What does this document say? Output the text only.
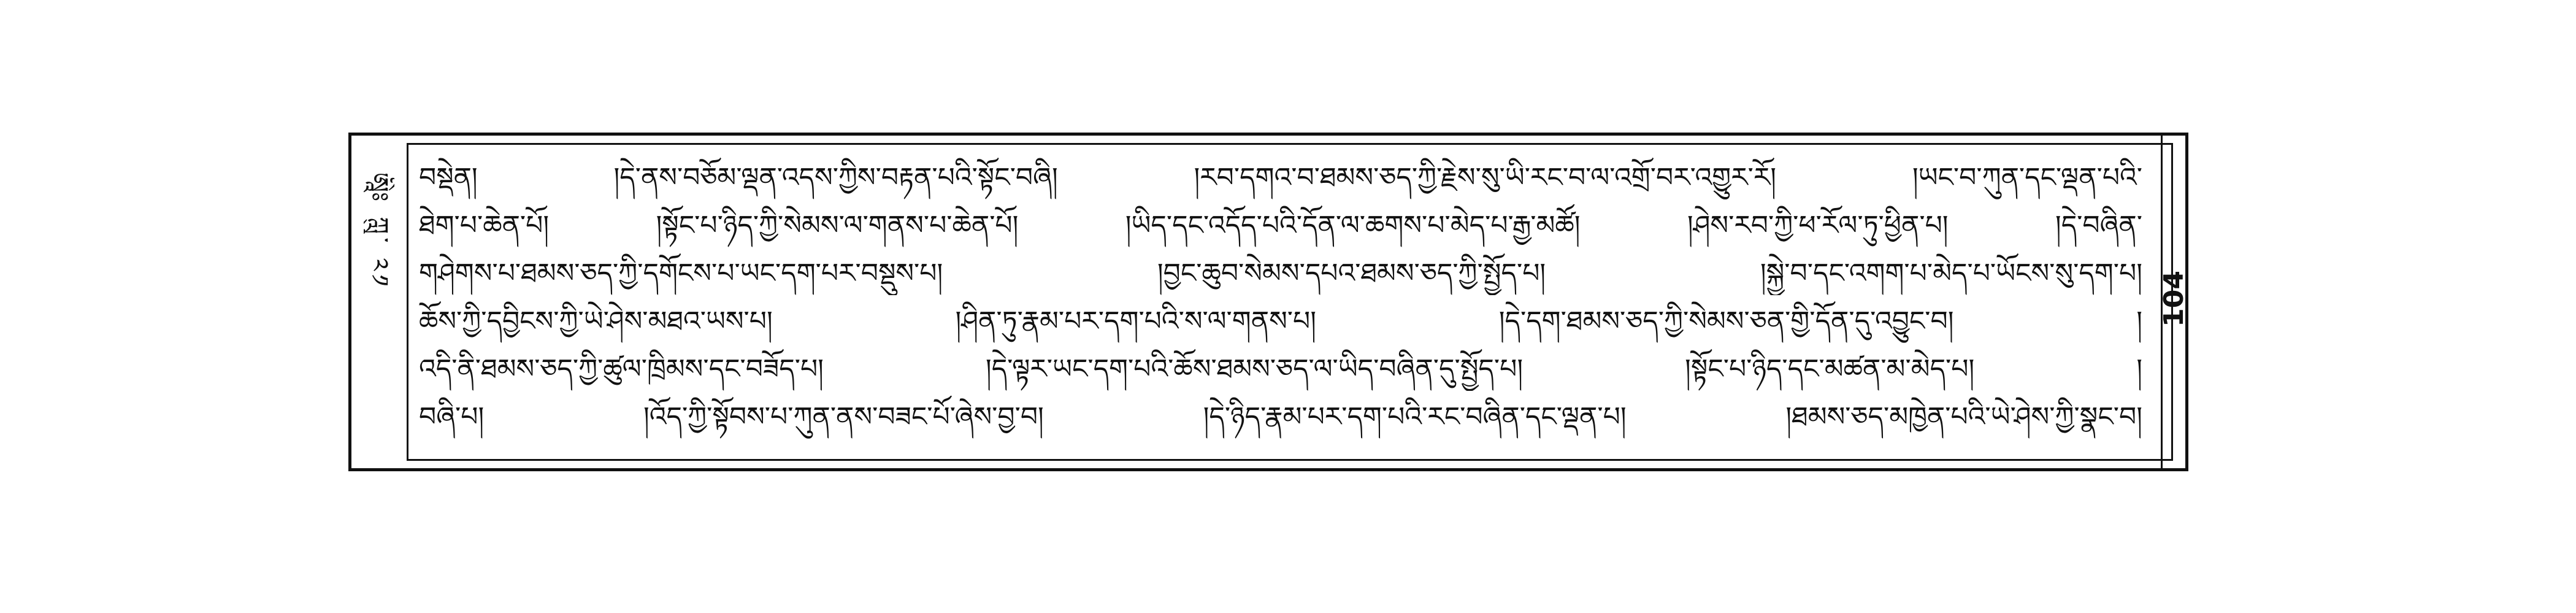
ཨཱིཿ ཀླུ་ ༢༡
104
བསྡེན། །དེ་ནས་བཅོམ་ལྡན་འདས་ཀྱིས་བརྟན་པའི་སྟོང་བཞི། །རབ་དགའ་བ་ཐམས་ཅད་ཀྱི་རྗེས་སུ་ཡི་རང་བ་ལ་འགྲོ་བར་འགྱུར་རོ། །ཡང་བ་ཀུན་དང་ལྡན་པའི་
ཐེག་པ་ཆེན་པོ། །སྟོང་པ་ཉིད་ཀྱི་སེམས་ལ་གནས་པ་ཆེན་པོ། །ཡིད་དང་འདོད་པའི་དོན་ལ་ཆགས་པ་མེད་པ་རྒྱ་མཚོ། །ཤེས་རབ་ཀྱི་ཕ་རོལ་ཏུ་ཕྱིན་པ། །དེ་བཞིན་
གཤེགས་པ་ཐམས་ཅད་ཀྱི་དགོངས་པ་ཡང་དག་པར་བསྡུས་པ། །བྱང་ཆུབ་སེམས་དཔའ་ཐམས་ཅད་ཀྱི་སྤྱོད་པ། །སྐྱེ་བ་དང་འགག་པ་མེད་པ་ཡོངས་སུ་དག་པ།
ཆོས་ཀྱི་དབྱིངས་ཀྱི་ཡེ་ཤེས་མཐའ་ཡས་པ། །ཤིན་ཏུ་རྣམ་པར་དག་པའི་ས་ལ་གནས་པ། །དེ་དག་ཐམས་ཅད་ཀྱི་སེམས་ཅན་གྱི་དོན་དུ་འབྱུང་བ། །
འདི་ནི་ཐམས་ཅད་ཀྱི་ཚུལ་ཁྲིམས་དང་བཟོད་པ། །དེ་ལྟར་ཡང་དག་པའི་ཆོས་ཐམས་ཅད་ལ་ཡིད་བཞིན་དུ་སྤྱོད་པ། །སྟོང་པ་ཉིད་དང་མཚན་མ་མེད་པ། །
བཞི་པ། །འོད་ཀྱི་སྟོབས་པ་ཀུན་ནས་བཟང་པོ་ཞེས་བྱ་བ། །དེ་ཉིད་རྣམ་པར་དག་པའི་རང་བཞིན་དང་ལྡན་པ། །ཐམས་ཅད་མཁྱེན་པའི་ཡེ་ཤེས་ཀྱི་སྣང་བ།
